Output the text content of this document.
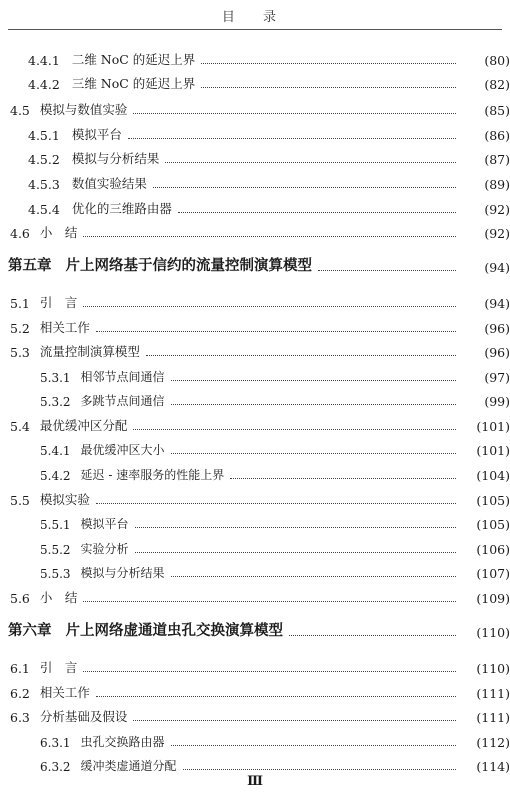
目 录
4.4.1 二维 NoC 的延迟上界	(80)
4.4.2 三维 NoC 的延迟上界	(82)
4.5 模拟与数值实验	(85)
4.5.1 模拟平台	(86)
4.5.2 模拟与分析结果	(87)
4.5.3 数值实验结果	(89)
4.5.4 优化的三维路由器	(92)
4.6 小　结	(92)
第五章 片上网络基于信约的流量控制演算模型	(94)
5.1 引　言	(94)
5.2 相关工作	(96)
5.3 流量控制演算模型	(96)
5.3.1 相邻节点间通信	(97)
5.3.2 多跳节点间通信	(99)
5.4 最优缓冲区分配	(101)
5.4.1 最优缓冲区大小	(101)
5.4.2 延迟 - 速率服务的性能上界	(104)
5.5 模拟实验	(105)
5.5.1 模拟平台	(105)
5.5.2 实验分析	(106)
5.5.3 模拟与分析结果	(107)
5.6 小　结	(109)
第六章 片上网络虚通道虫孔交换演算模型	(110)
6.1 引　言	(110)
6.2 相关工作	(111)
6.3 分析基础及假设	(111)
6.3.1 虫孔交换路由器	(112)
6.3.2 缓冲类虚通道分配	(114)
Ⅲ
